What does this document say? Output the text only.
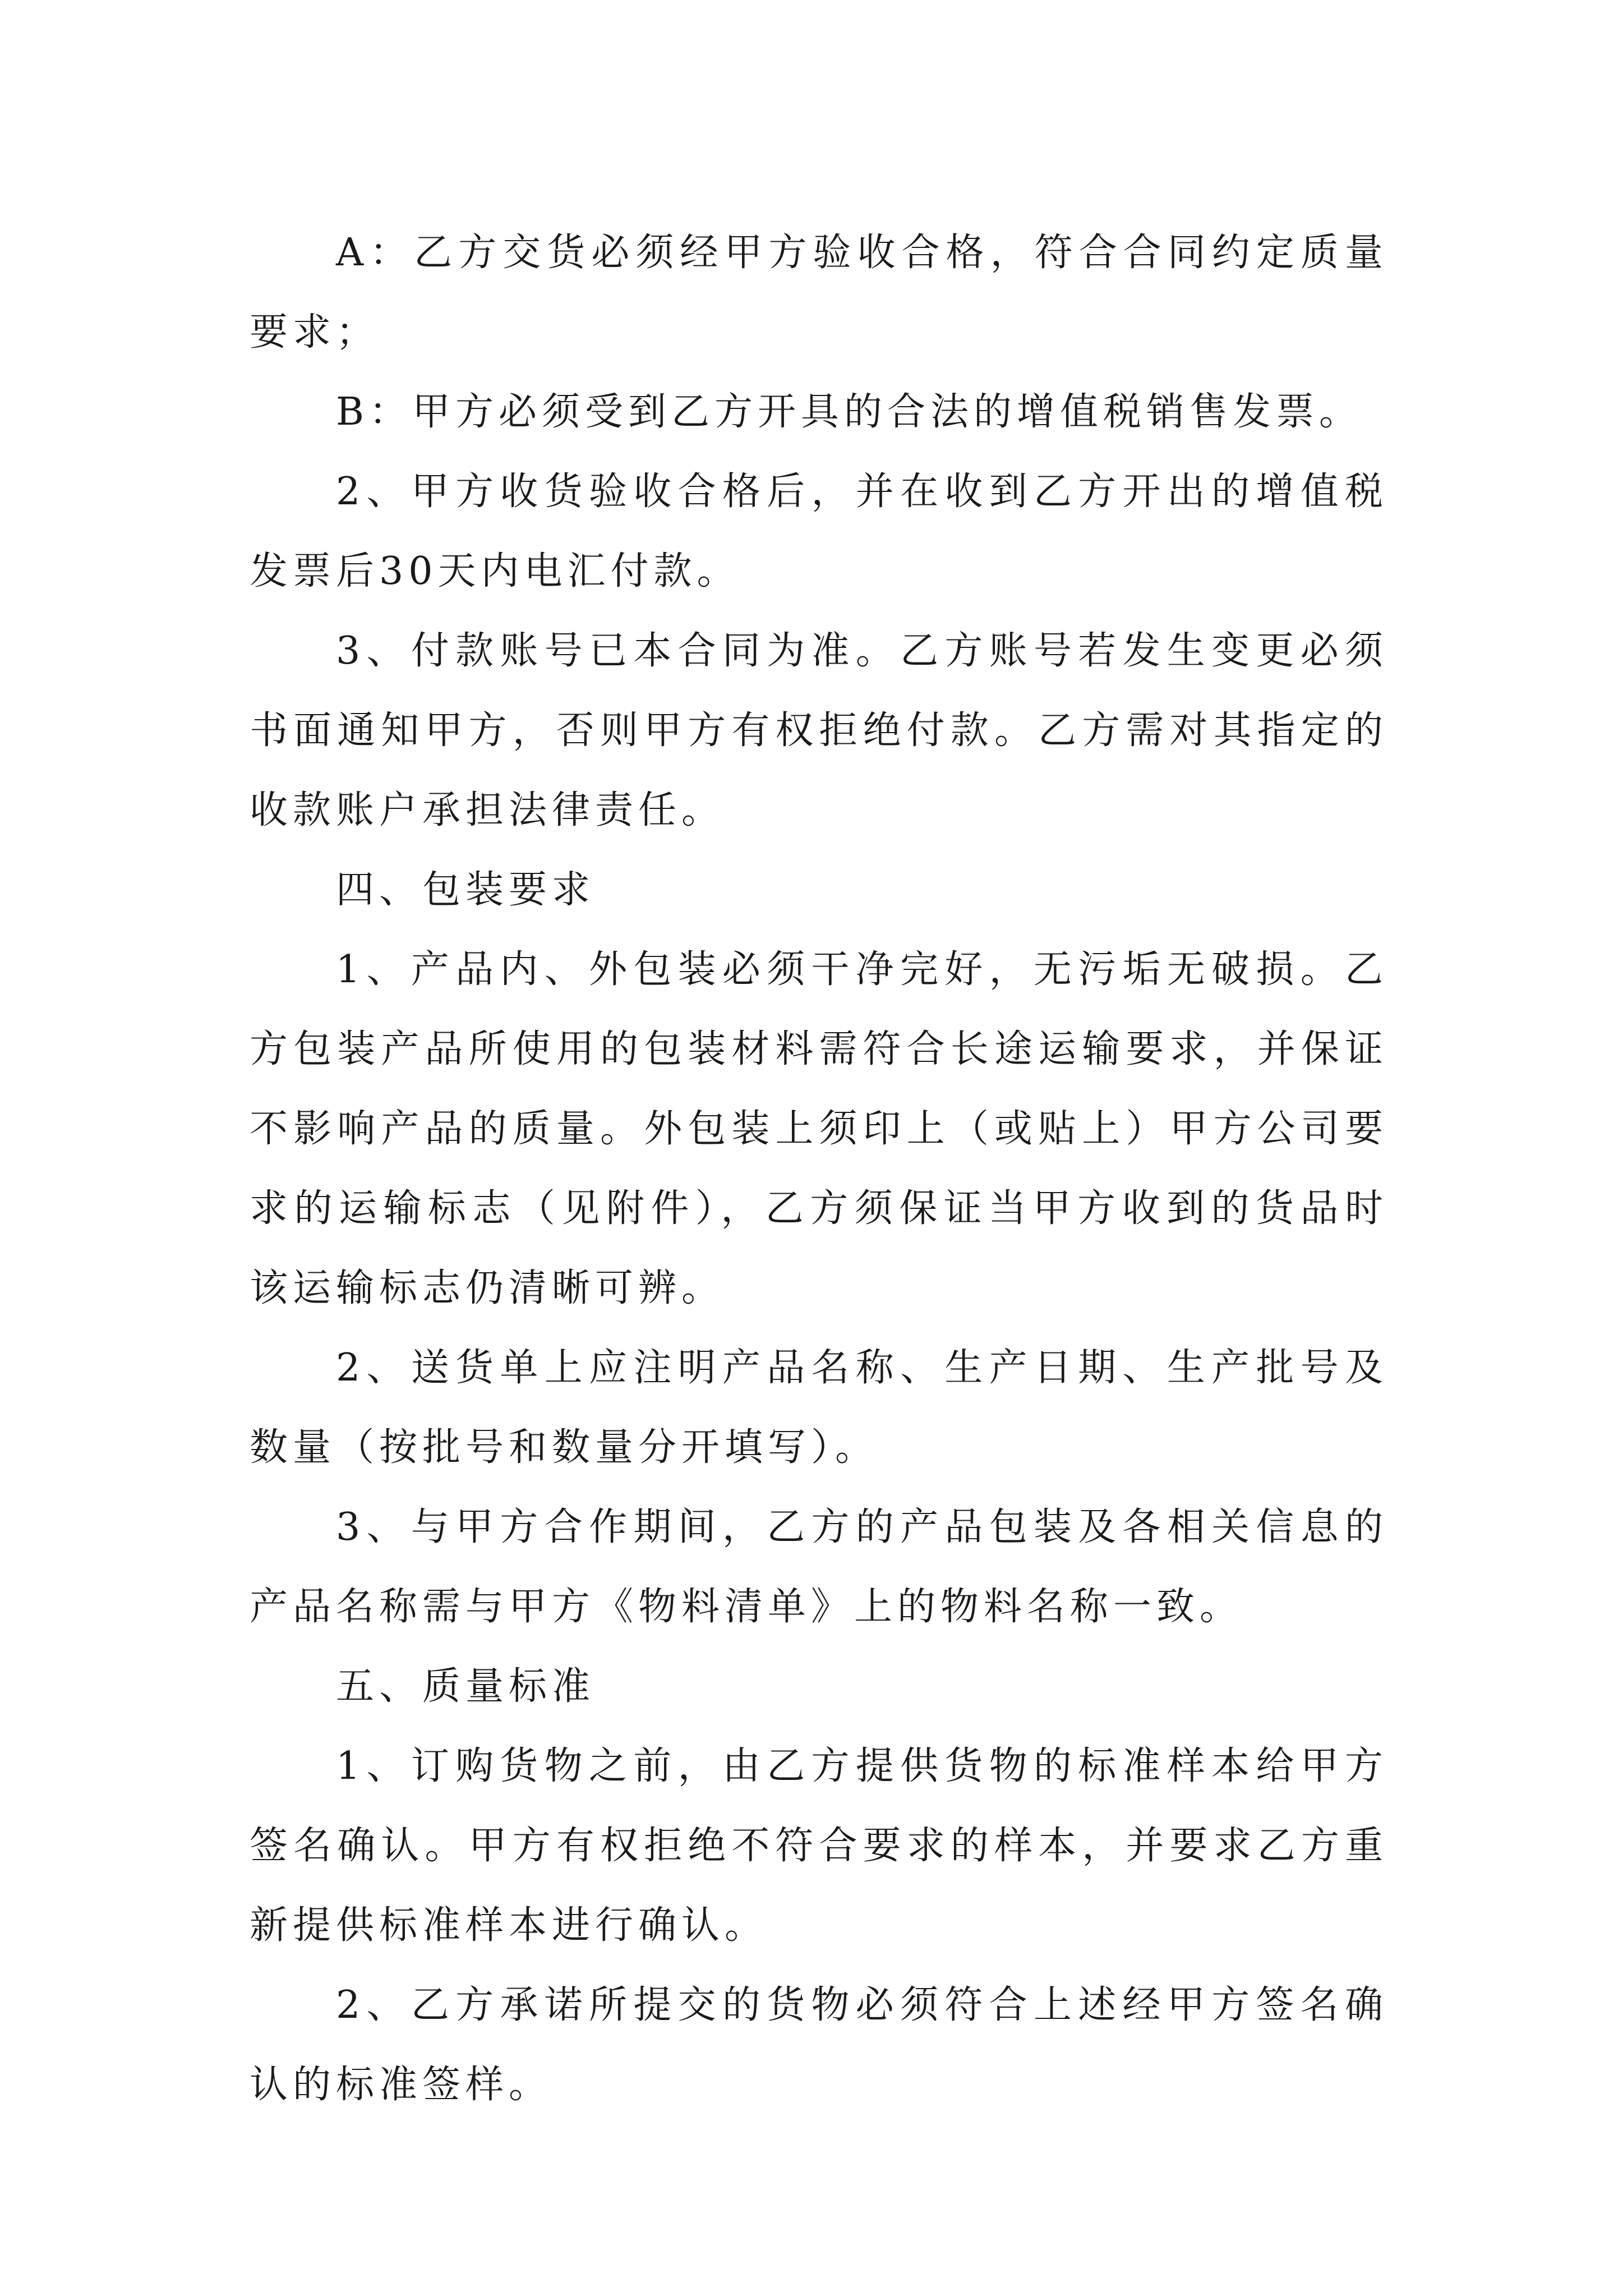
A：乙方交货必须经甲方验收合格，符合合同约定质量要求；

B：甲方必须受到乙方开具的合法的增值税销售发票。

2、甲方收货验收合格后，并在收到乙方开出的增值税发票后30天内电汇付款。

3、付款账号已本合同为准。乙方账号若发生变更必须书面通知甲方，否则甲方有权拒绝付款。乙方需对其指定的收款账户承担法律责任。

四、包装要求

1、产品内、外包装必须干净完好，无污垢无破损。乙方包装产品所使用的包装材料需符合长途运输要求，并保证不影响产品的质量。外包装上须印上（或贴上）甲方公司要求的运输标志（见附件），乙方须保证当甲方收到的货品时该运输标志仍清晰可辨。

2、送货单上应注明产品名称、生产日期、生产批号及数量（按批号和数量分开填写）。

3、与甲方合作期间，乙方的产品包装及各相关信息的产品名称需与甲方《物料清单》上的物料名称一致。

五、质量标准

1、订购货物之前，由乙方提供货物的标准样本给甲方签名确认。甲方有权拒绝不符合要求的样本，并要求乙方重新提供标准样本进行确认。

2、乙方承诺所提交的货物必须符合上述经甲方签名确认的标准签样。
